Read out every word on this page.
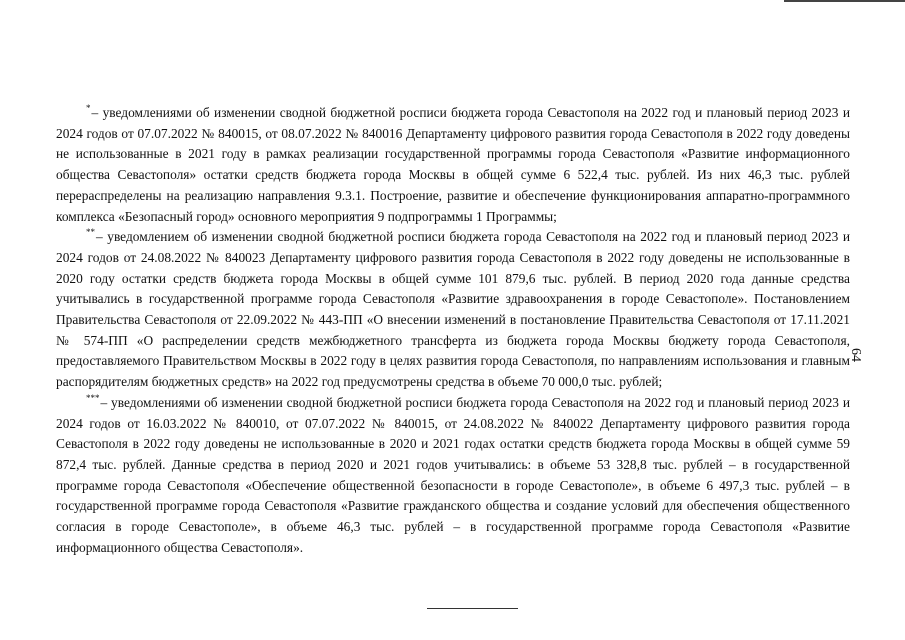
*– уведомлениями об изменении сводной бюджетной росписи бюджета города Севастополя на 2022 год и плановый период 2023 и 2024 годов от 07.07.2022 № 840015, от 08.07.2022 № 840016 Департаменту цифрового развития города Севастополя в 2022 году доведены не использованные в 2021 году в рамках реализации государственной программы города Севастополя «Развитие информационного общества Севастополя» остатки средств бюджета города Москвы в общей сумме 6 522,4 тыс. рублей. Из них 46,3 тыс. рублей перераспределены на реализацию направления 9.3.1. Построение, развитие и обеспечение функционирования аппаратно-программного комплекса «Безопасный город» основного мероприятия 9 подпрограммы 1 Программы;

**– уведомлением об изменении сводной бюджетной росписи бюджета города Севастополя на 2022 год и плановый период 2023 и 2024 годов от 24.08.2022 № 840023 Департаменту цифрового развития города Севастополя в 2022 году доведены не использованные в 2020 году остатки средств бюджета города Москвы в общей сумме 101 879,6 тыс. рублей. В период 2020 года данные средства учитывались в государственной программе города Севастополя «Развитие здравоохранения в городе Севастополе». Постановлением Правительства Севастополя от 22.09.2022 № 443-ПП «О внесении изменений в постановление Правительства Севастополя от 17.11.2021 № 574-ПП «О распределении средств межбюджетного трансферта из бюджета города Москвы бюджету города Севастополя, предоставляемого Правительством Москвы в 2022 году в целях развития города Севастополя, по направлениям использования и главным распорядителям бюджетных средств» на 2022 год предусмотрены средства в объеме 70 000,0 тыс. рублей;

***– уведомлениями об изменении сводной бюджетной росписи бюджета города Севастополя на 2022 год и плановый период 2023 и 2024 годов от 16.03.2022 № 840010, от 07.07.2022 № 840015, от 24.08.2022 № 840022 Департаменту цифрового развития города Севастополя в 2022 году доведены не использованные в 2020 и 2021 годах остатки средств бюджета города Москвы в общей сумме 59 872,4 тыс. рублей. Данные средства в период 2020 и 2021 годов учитывались: в объеме 53 328,8 тыс. рублей – в государственной программе города Севастополя «Обеспечение общественной безопасности в городе Севастополе», в объеме 6 497,3 тыс. рублей – в государственной программе города Севастополя «Развитие гражданского общества и создание условий для обеспечения общественного согласия в городе Севастополе», в объеме 46,3 тыс. рублей – в государственной программе города Севастополя «Развитие информационного общества Севастополя».

64
